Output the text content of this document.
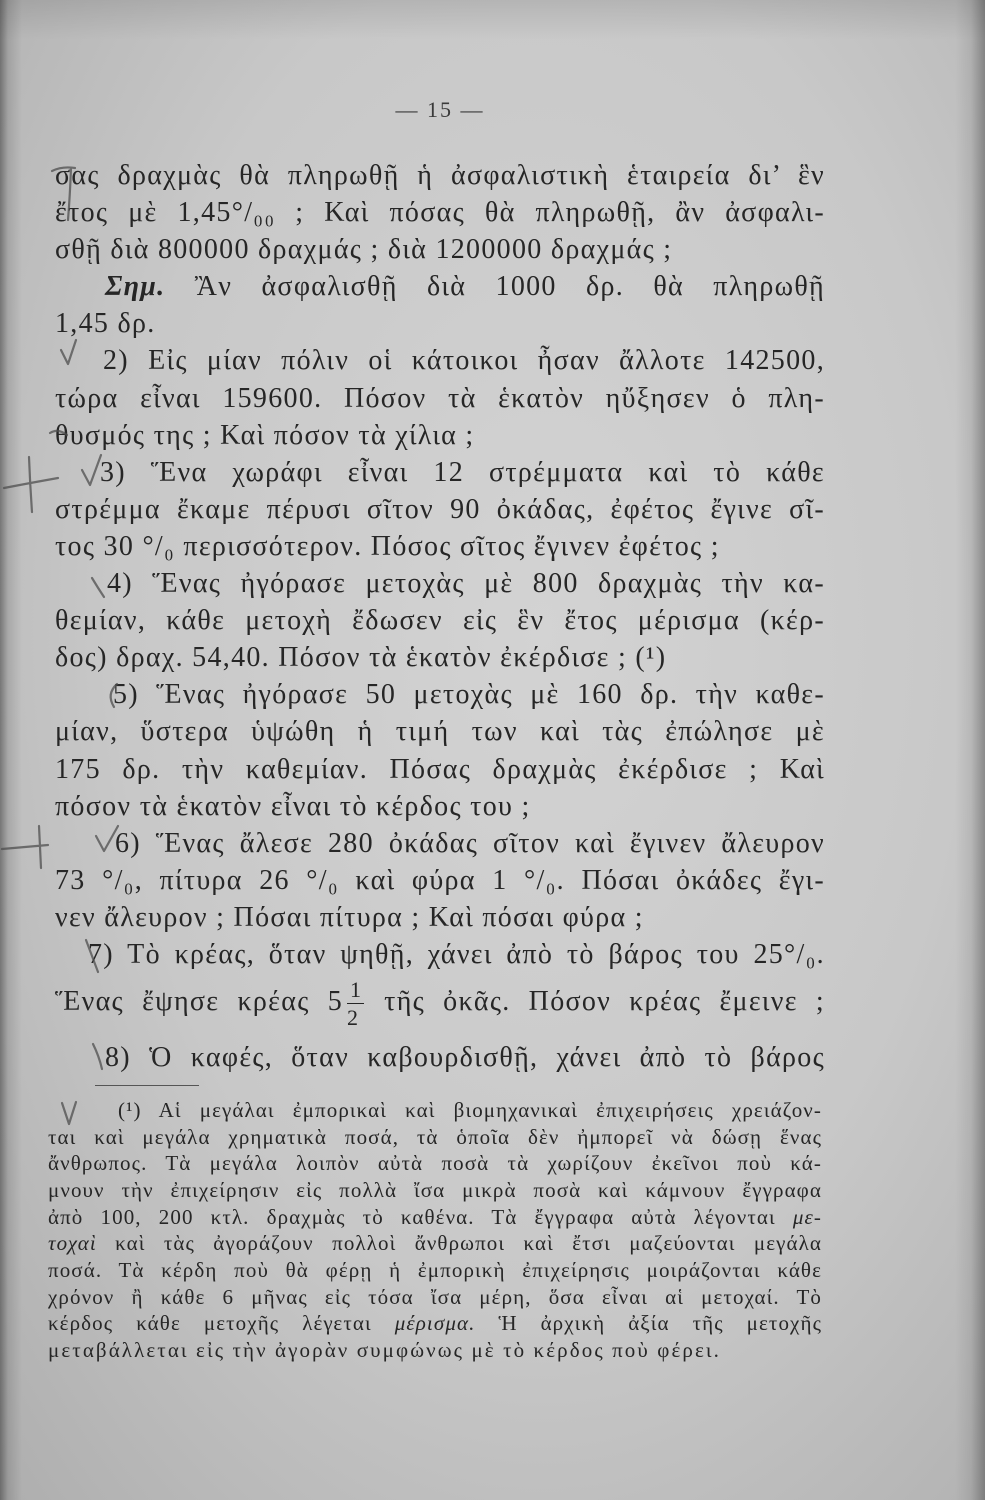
— 15 —
σας δραχμὰς θὰ πληρωθῇ ἡ ἀσφαλιστικὴ ἑταιρεία δι’ ἓν
ἔτος μὲ 1,45°/₀₀ ; Καὶ πόσας θὰ πληρωθῇ, ἂν ἀσφαλι-
σθῇ διὰ 800000 δραχμάς ; διὰ 1200000 δραχμάς ;
Σημ. Ἂν ἀσφαλισθῇ διὰ 1000 δρ. θὰ πληρωθῇ
1,45 δρ.
2) Εἰς μίαν πόλιν οἱ κάτοικοι ἦσαν ἄλλοτε 142500,
τώρα εἶναι 159600. Πόσον τὰ ἑκατὸν ηὔξησεν ὁ πλη-
θυσμός της ; Καὶ πόσον τὰ χίλια ;
3) Ἕνα χωράφι εἶναι 12 στρέμματα καὶ τὸ κάθε
στρέμμα ἔκαμε πέρυσι σῖτον 90 ὀκάδας, ἐφέτος ἔγινε σῖ-
τος 30 °/₀ περισσότερον. Πόσος σῖτος ἔγινεν ἐφέτος ;
4) Ἕνας ἠγόρασε μετοχὰς μὲ 800 δραχμὰς τὴν κα-
θεμίαν, κάθε μετοχὴ ἔδωσεν εἰς ἓν ἔτος μέρισμα (κέρ-
δος) δραχ. 54,40. Πόσον τὰ ἑκατὸν ἐκέρδισε ; (¹)
5) Ἕνας ἠγόρασε 50 μετοχὰς μὲ 160 δρ. τὴν καθε-
μίαν, ὕστερα ὑψώθη ἡ τιμή των καὶ τὰς ἐπώλησε μὲ
175 δρ. τὴν καθεμίαν. Πόσας δραχμὰς ἐκέρδισε ; Καὶ
πόσον τὰ ἑκατὸν εἶναι τὸ κέρδος του ;
6) Ἕνας ἄλεσε 280 ὀκάδας σῖτον καὶ ἔγινεν ἄλευρον
73 °/₀, πίτυρα 26 °/₀ καὶ φύρα 1 °/₀. Πόσαι ὀκάδες ἔγι-
νεν ἄλευρον ; Πόσαι πίτυρα ; Καὶ πόσαι φύρα ;
7) Τὸ κρέας, ὅταν ψηθῇ, χάνει ἀπὸ τὸ βάρος του 25°/₀.
Ἕνας ἔψησε κρέας $5 \frac{1}{2}$ τῆς ὀκᾶς. Πόσον κρέας ἔμεινε ;
8) Ὁ καφές, ὅταν καβουρδισθῇ, χάνει ἀπὸ τὸ βάρος
(¹) Αἱ μεγάλαι ἐμπορικαὶ καὶ βιομηχανικαὶ ἐπιχειρήσεις χρειάζον-
ται καὶ μεγάλα χρηματικὰ ποσά, τὰ ὁποῖα δὲν ἠμπορεῖ νὰ δώσῃ ἕνας
ἄνθρωπος. Τὰ μεγάλα λοιπὸν αὐτὰ ποσὰ τὰ χωρίζουν ἐκεῖνοι ποὺ κά-
μνουν τὴν ἐπιχείρησιν εἰς πολλὰ ἴσα μικρὰ ποσὰ καὶ κάμνουν ἔγγραφα
ἀπὸ 100, 200 κτλ. δραχμὰς τὸ καθένα. Τὰ ἔγγραφα αὐτὰ λέγονται με-
τοχαὶ καὶ τὰς ἀγοράζουν πολλοὶ ἄνθρωποι καὶ ἔτσι μαζεύονται μεγάλα
ποσά. Τὰ κέρδη ποὺ θὰ φέρῃ ἡ ἐμπορικὴ ἐπιχείρησις μοιράζονται κάθε
χρόνον ἢ κάθε 6 μῆνας εἰς τόσα ἴσα μέρη, ὅσα εἶναι αἱ μετοχαί. Τὸ
κέρδος κάθε μετοχῆς λέγεται μέρισμα. Ἡ ἀρχικὴ ἀξία τῆς μετοχῆς
μεταβάλλεται εἰς τὴν ἀγορὰν συμφώνως μὲ τὸ κέρδος ποὺ φέρει.
